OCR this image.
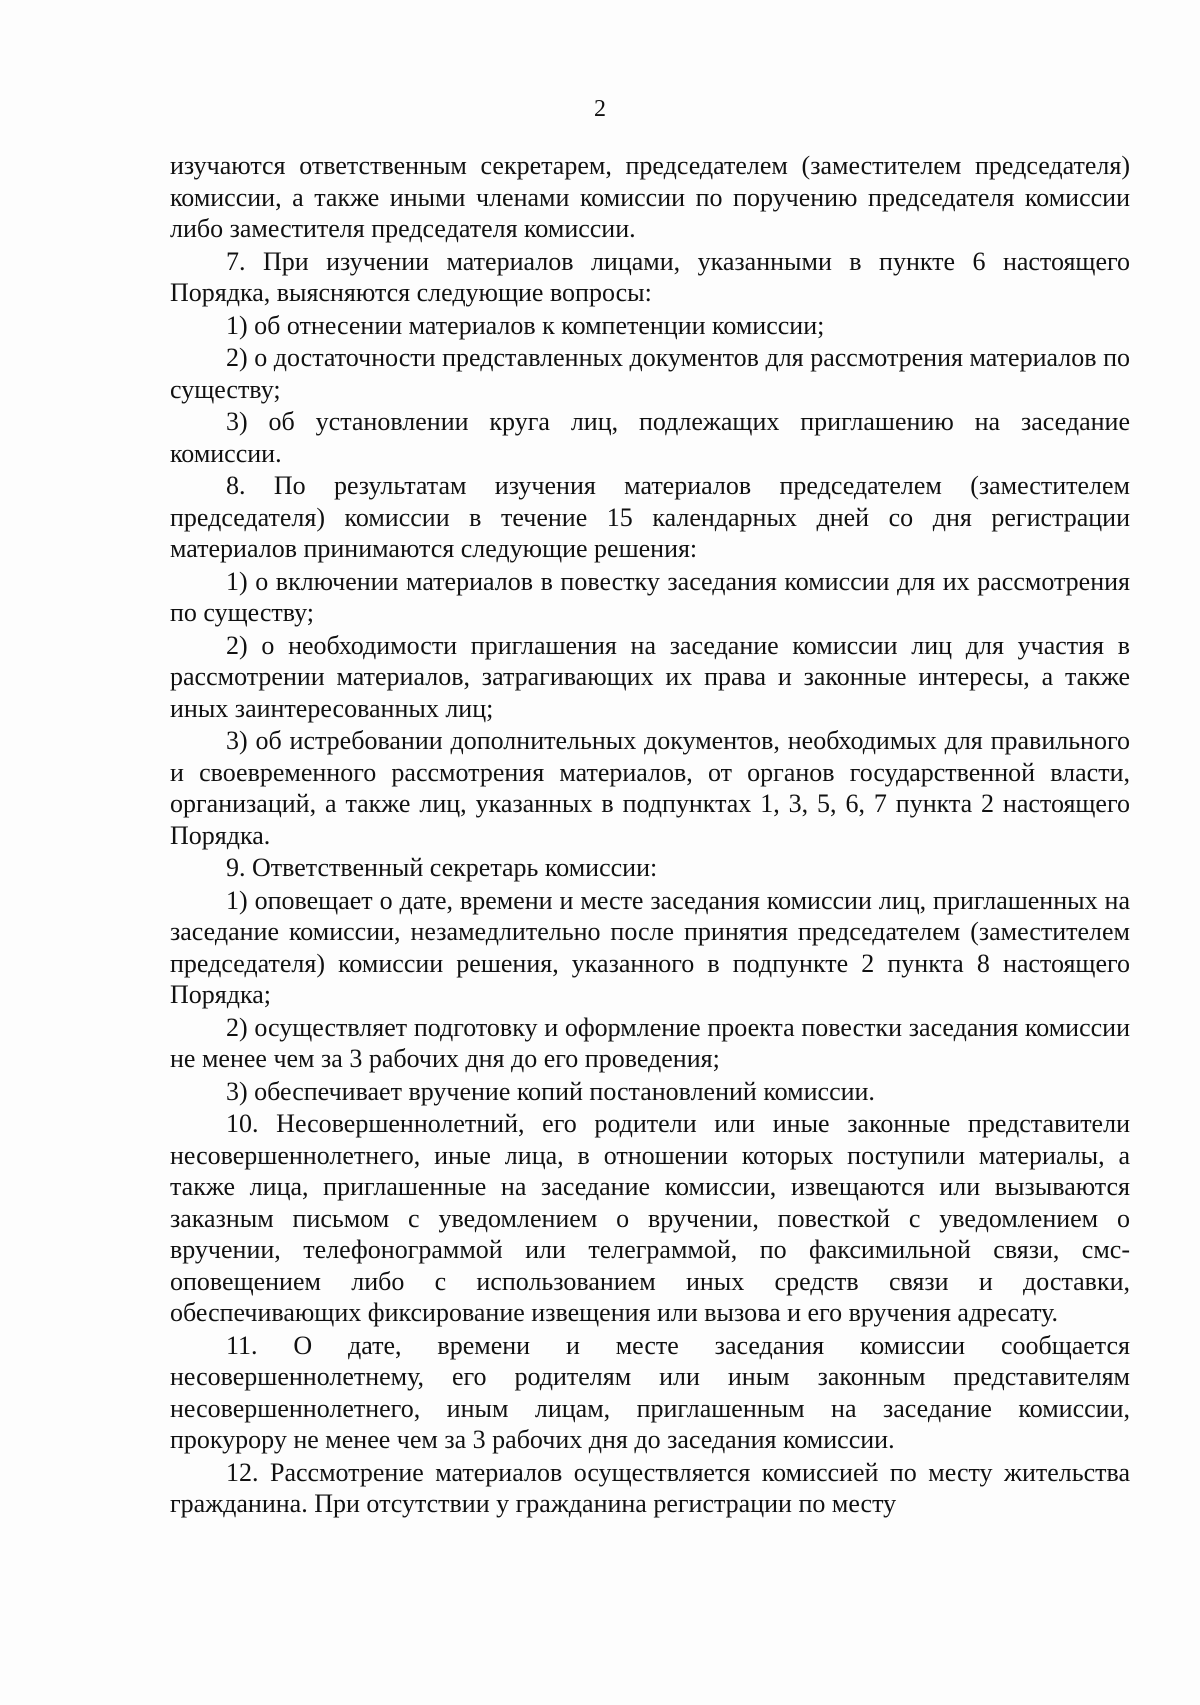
2

изучаются ответственным секретарем, председателем (заместителем председателя) комиссии, а также иными членами комиссии по поручению председателя комиссии либо заместителя председателя комиссии.

7. При изучении материалов лицами, указанными в пункте 6 настоящего Порядка, выясняются следующие вопросы:

1) об отнесении материалов к компетенции комиссии;

2) о достаточности представленных документов для рассмотрения материалов по существу;

3) об установлении круга лиц, подлежащих приглашению на заседание комиссии.

8. По результатам изучения материалов председателем (заместителем председателя) комиссии в течение 15 календарных дней со дня регистрации материалов принимаются следующие решения:

1) о включении материалов в повестку заседания комиссии для их рассмотрения по существу;

2) о необходимости приглашения на заседание комиссии лиц для участия в рассмотрении материалов, затрагивающих их права и законные интересы, а также иных заинтересованных лиц;

3) об истребовании дополнительных документов, необходимых для правильного и своевременного рассмотрения материалов, от органов государственной власти, организаций, а также лиц, указанных в подпунктах 1, 3, 5, 6, 7 пункта 2 настоящего Порядка.

9. Ответственный секретарь комиссии:

1) оповещает о дате, времени и месте заседания комиссии лиц, приглашенных на заседание комиссии, незамедлительно после принятия председателем (заместителем председателя) комиссии решения, указанного в подпункте 2 пункта 8 настоящего Порядка;

2) осуществляет подготовку и оформление проекта повестки заседания комиссии не менее чем за 3 рабочих дня до его проведения;

3) обеспечивает вручение копий постановлений комиссии.

10. Несовершеннолетний, его родители или иные законные представители несовершеннолетнего, иные лица, в отношении которых поступили материалы, а также лица, приглашенные на заседание комиссии, извещаются или вызываются заказным письмом с уведомлением о вручении, повесткой с уведомлением о вручении, телефонограммой или телеграммой, по факсимильной связи, смс-оповещением либо с использованием иных средств связи и доставки, обеспечивающих фиксирование извещения или вызова и его вручения адресату.

11. О дате, времени и месте заседания комиссии сообщается несовершеннолетнему, его родителям или иным законным представителям несовершеннолетнего, иным лицам, приглашенным на заседание комиссии, прокурору не менее чем за 3 рабочих дня до заседания комиссии.

12. Рассмотрение материалов осуществляется комиссией по месту жительства гражданина. При отсутствии у гражданина регистрации по месту
